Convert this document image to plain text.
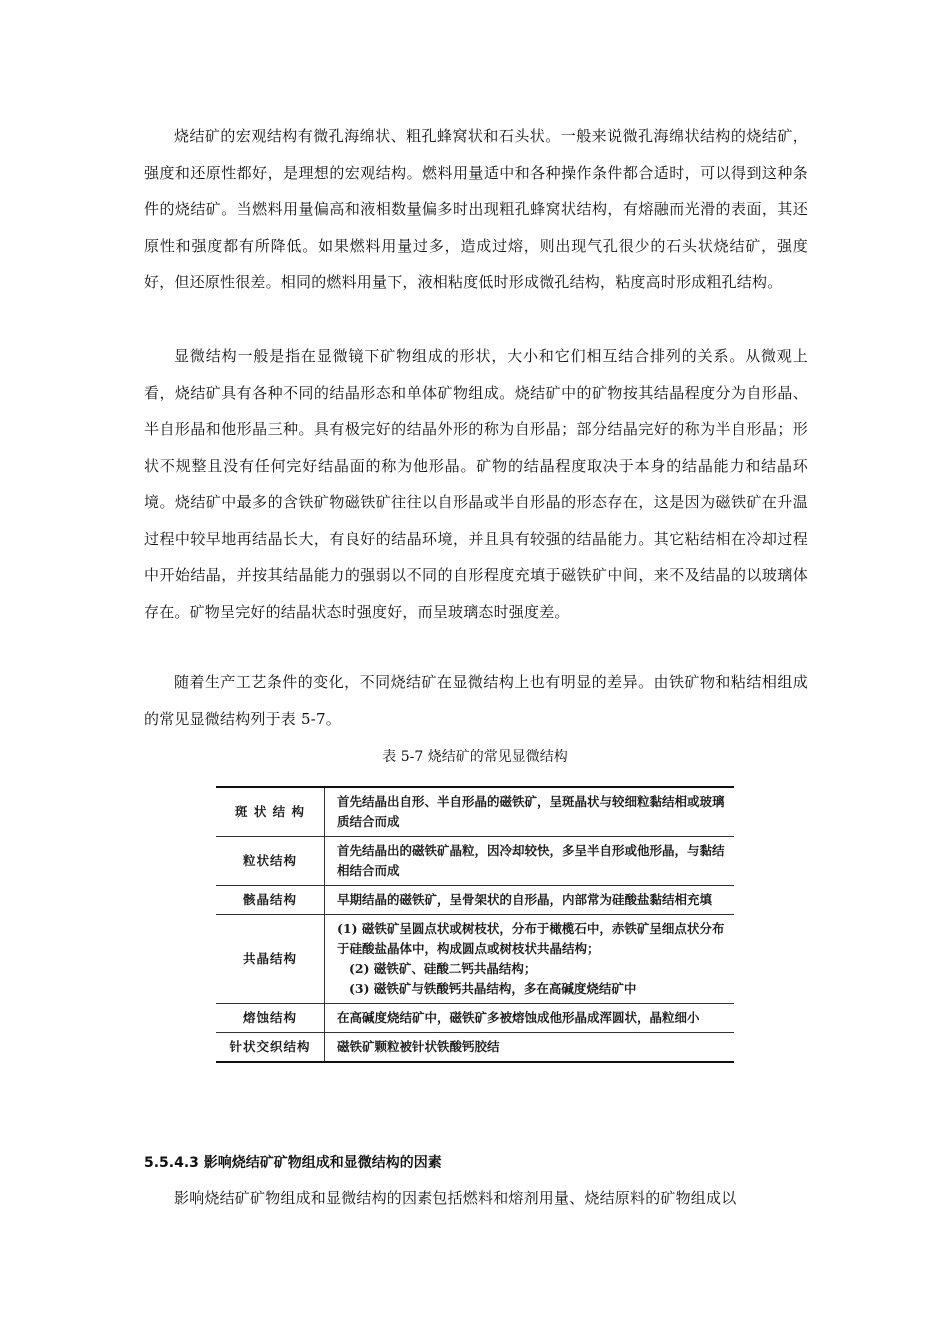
烧结矿的宏观结构有微孔海绵状、粗孔蜂窝状和石头状。一般来说微孔海绵状结构的烧结矿，强度和还原性都好，是理想的宏观结构。燃料用量适中和各种操作条件都合适时，可以得到这种条件的烧结矿。当燃料用量偏高和液相数量偏多时出现粗孔蜂窝状结构，有熔融而光滑的表面，其还原性和强度都有所降低。如果燃料用量过多，造成过熔，则出现气孔很少的石头状烧结矿，强度好，但还原性很差。相同的燃料用量下，液相粘度低时形成微孔结构，粘度高时形成粗孔结构。

显微结构一般是指在显微镜下矿物组成的形状，大小和它们相互结合排列的关系。从微观上看，烧结矿具有各种不同的结晶形态和单体矿物组成。烧结矿中的矿物按其结晶程度分为自形晶、半自形晶和他形晶三种。具有极完好的结晶外形的称为自形晶；部分结晶完好的称为半自形晶；形状不规整且没有任何完好结晶面的称为他形晶。矿物的结晶程度取决于本身的结晶能力和结晶环境。烧结矿中最多的含铁矿物磁铁矿往往以自形晶或半自形晶的形态存在，这是因为磁铁矿在升温过程中较早地再结晶长大，有良好的结晶环境，并且具有较强的结晶能力。其它粘结相在冷却过程中开始结晶，并按其结晶能力的强弱以不同的自形程度充填于磁铁矿中间，来不及结晶的以玻璃体存在。矿物呈完好的结晶状态时强度好，而呈玻璃态时强度差。

随着生产工艺条件的变化，不同烧结矿在显微结构上也有明显的差异。由铁矿物和粘结相组成的常见显微结构列于表 5-7。

表 5-7 烧结矿的常见显微结构
斑 状 结 构	首先结晶出自形、半自形晶的磁铁矿，呈斑晶状与较细粒黏结相或玻璃质结合而成
粒状结构	首先结晶出的磁铁矿晶粒，因冷却较快，多呈半自形或他形晶，与黏结相结合而成
骸晶结构	早期结晶的磁铁矿，呈骨架状的自形晶，内部常为硅酸盐黏结相充填
共晶结构	(1) 磁铁矿呈圆点状或树枝状，分布于橄榄石中，赤铁矿呈细点状分布于硅酸盐晶体中，构成圆点或树枝状共晶结构；
(2) 磁铁矿、硅酸二钙共晶结构；
(3) 磁铁矿与铁酸钙共晶结构，多在高碱度烧结矿中

熔蚀结构	在高碱度烧结矿中，磁铁矿多被熔蚀成他形晶成浑圆状，晶粒细小
针状交织结构	磁铁矿颗粒被针状铁酸钙胶结
5.5.4.3 影响烧结矿矿物组成和显微结构的因素

影响烧结矿矿物组成和显微结构的因素包括燃料和熔剂用量、烧结原料的矿物组成以
